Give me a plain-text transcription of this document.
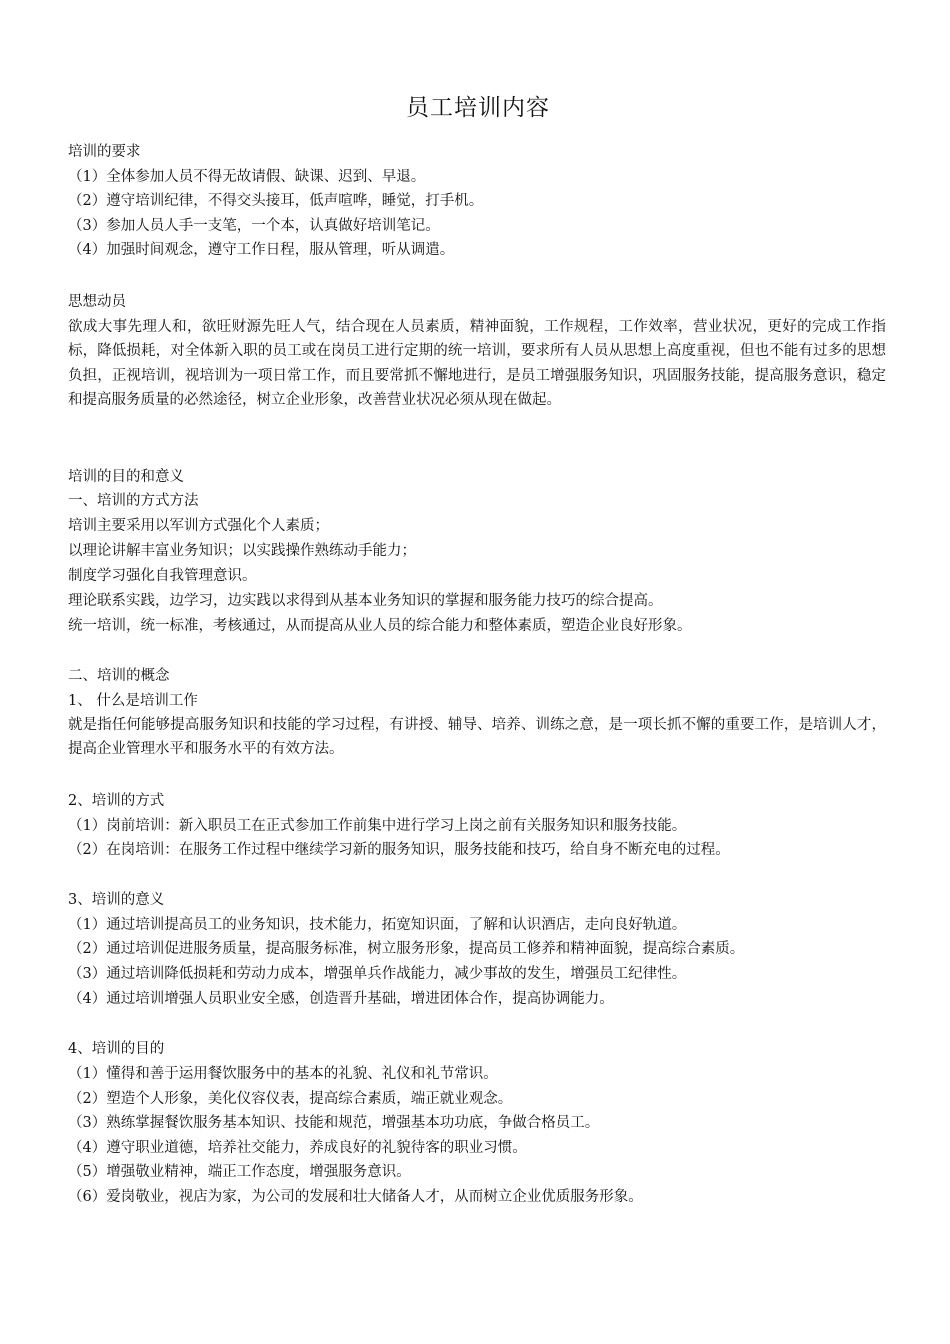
员工培训内容
培训的要求
（1）全体参加人员不得无故请假、缺课、迟到、早退。
（2）遵守培训纪律，不得交头接耳，低声喧哗，睡觉，打手机。
（3）参加人员人手一支笔，一个本，认真做好培训笔记。
（4）加强时间观念，遵守工作日程，服从管理，听从调遣。
思想动员
欲成大事先理人和，欲旺财源先旺人气，结合现在人员素质，精神面貌，工作规程，工作效率，营业状况，更好的完成工作指标，降低损耗，对全体新入职的员工或在岗员工进行定期的统一培训，要求所有人员从思想上高度重视，但也不能有过多的思想负担，正视培训，视培训为一项日常工作，而且要常抓不懈地进行，是员工增强服务知识，巩固服务技能，提高服务意识，稳定和提高服务质量的必然途径，树立企业形象，改善营业状况必须从现在做起。
培训的目的和意义
一、培训的方式方法
培训主要采用以军训方式强化个人素质；
以理论讲解丰富业务知识；以实践操作熟练动手能力；
制度学习强化自我管理意识。
理论联系实践，边学习，边实践以求得到从基本业务知识的掌握和服务能力技巧的综合提高。
统一培训，统一标准，考核通过，从而提高从业人员的综合能力和整体素质，塑造企业良好形象。
二、培训的概念
1、 什么是培训工作
就是指任何能够提高服务知识和技能的学习过程，有讲授、辅导、培养、训练之意，是一项长抓不懈的重要工作，是培训人才，提高企业管理水平和服务水平的有效方法。
2、培训的方式
（1）岗前培训：新入职员工在正式参加工作前集中进行学习上岗之前有关服务知识和服务技能。
（2）在岗培训：在服务工作过程中继续学习新的服务知识，服务技能和技巧，给自身不断充电的过程。
3、培训的意义
（1）通过培训提高员工的业务知识，技术能力，拓宽知识面，了解和认识酒店，走向良好轨道。
（2）通过培训促进服务质量，提高服务标准，树立服务形象，提高员工修养和精神面貌，提高综合素质。
（3）通过培训降低损耗和劳动力成本，增强单兵作战能力，减少事故的发生，增强员工纪律性。
（4）通过培训增强人员职业安全感，创造晋升基础，增进团体合作，提高协调能力。
4、培训的目的
（1）懂得和善于运用餐饮服务中的基本的礼貌、礼仪和礼节常识。
（2）塑造个人形象，美化仪容仪表，提高综合素质，端正就业观念。
（3）熟练掌握餐饮服务基本知识、技能和规范，增强基本功功底，争做合格员工。
（4）遵守职业道德，培养社交能力，养成良好的礼貌待客的职业习惯。
（5）增强敬业精神，端正工作态度，增强服务意识。
（6）爱岗敬业，视店为家，为公司的发展和壮大储备人才，从而树立企业优质服务形象。
